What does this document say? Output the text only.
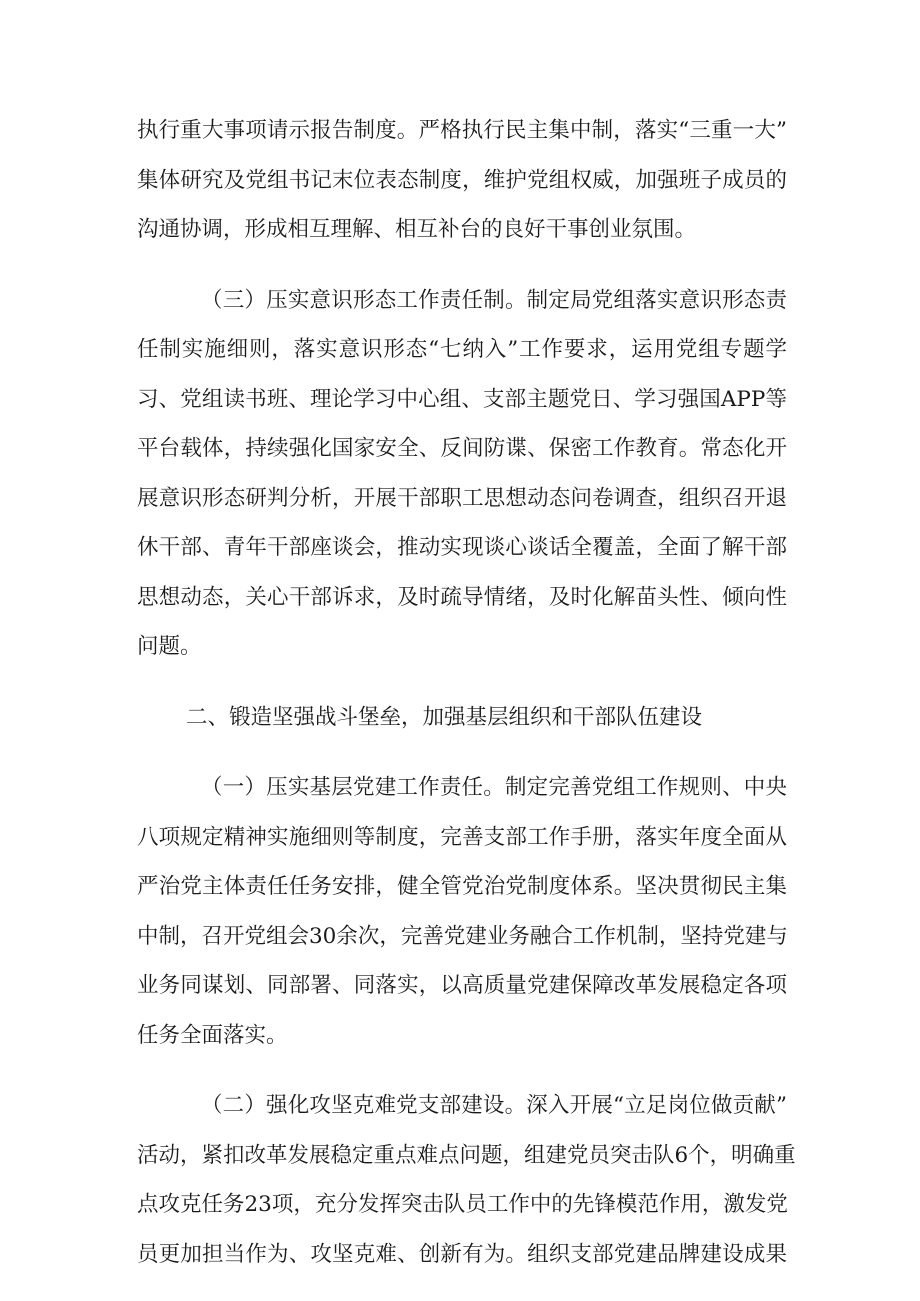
执行重大事项请示报告制度。严格执行民主集中制，落实“三重一大”
集体研究及党组书记末位表态制度，维护党组权威，加强班子成员的
沟通协调，形成相互理解、相互补台的良好干事创业氛围。
（三）压实意识形态工作责任制。制定局党组落实意识形态责
任制实施细则，落实意识形态“七纳入”工作要求，运用党组专题学
习、党组读书班、理论学习中心组、支部主题党日、学习强国APP等
平台载体，持续强化国家安全、反间防谍、保密工作教育。常态化开
展意识形态研判分析，开展干部职工思想动态问卷调查，组织召开退
休干部、青年干部座谈会，推动实现谈心谈话全覆盖，全面了解干部
思想动态，关心干部诉求，及时疏导情绪，及时化解苗头性、倾向性
问题。
二、锻造坚强战斗堡垒，加强基层组织和干部队伍建设
（一）压实基层党建工作责任。制定完善党组工作规则、中央
八项规定精神实施细则等制度，完善支部工作手册，落实年度全面从
严治党主体责任任务安排，健全管党治党制度体系。坚决贯彻民主集
中制，召开党组会30余次，完善党建业务融合工作机制，坚持党建与
业务同谋划、同部署、同落实，以高质量党建保障改革发展稳定各项
任务全面落实。
（二）强化攻坚克难党支部建设。深入开展“立足岗位做贡献”
活动，紧扣改革发展稳定重点难点问题，组建党员突击队6个，明确重
点攻克任务23项，充分发挥突击队员工作中的先锋模范作用，激发党
员更加担当作为、攻坚克难、创新有为。组织支部党建品牌建设成果
